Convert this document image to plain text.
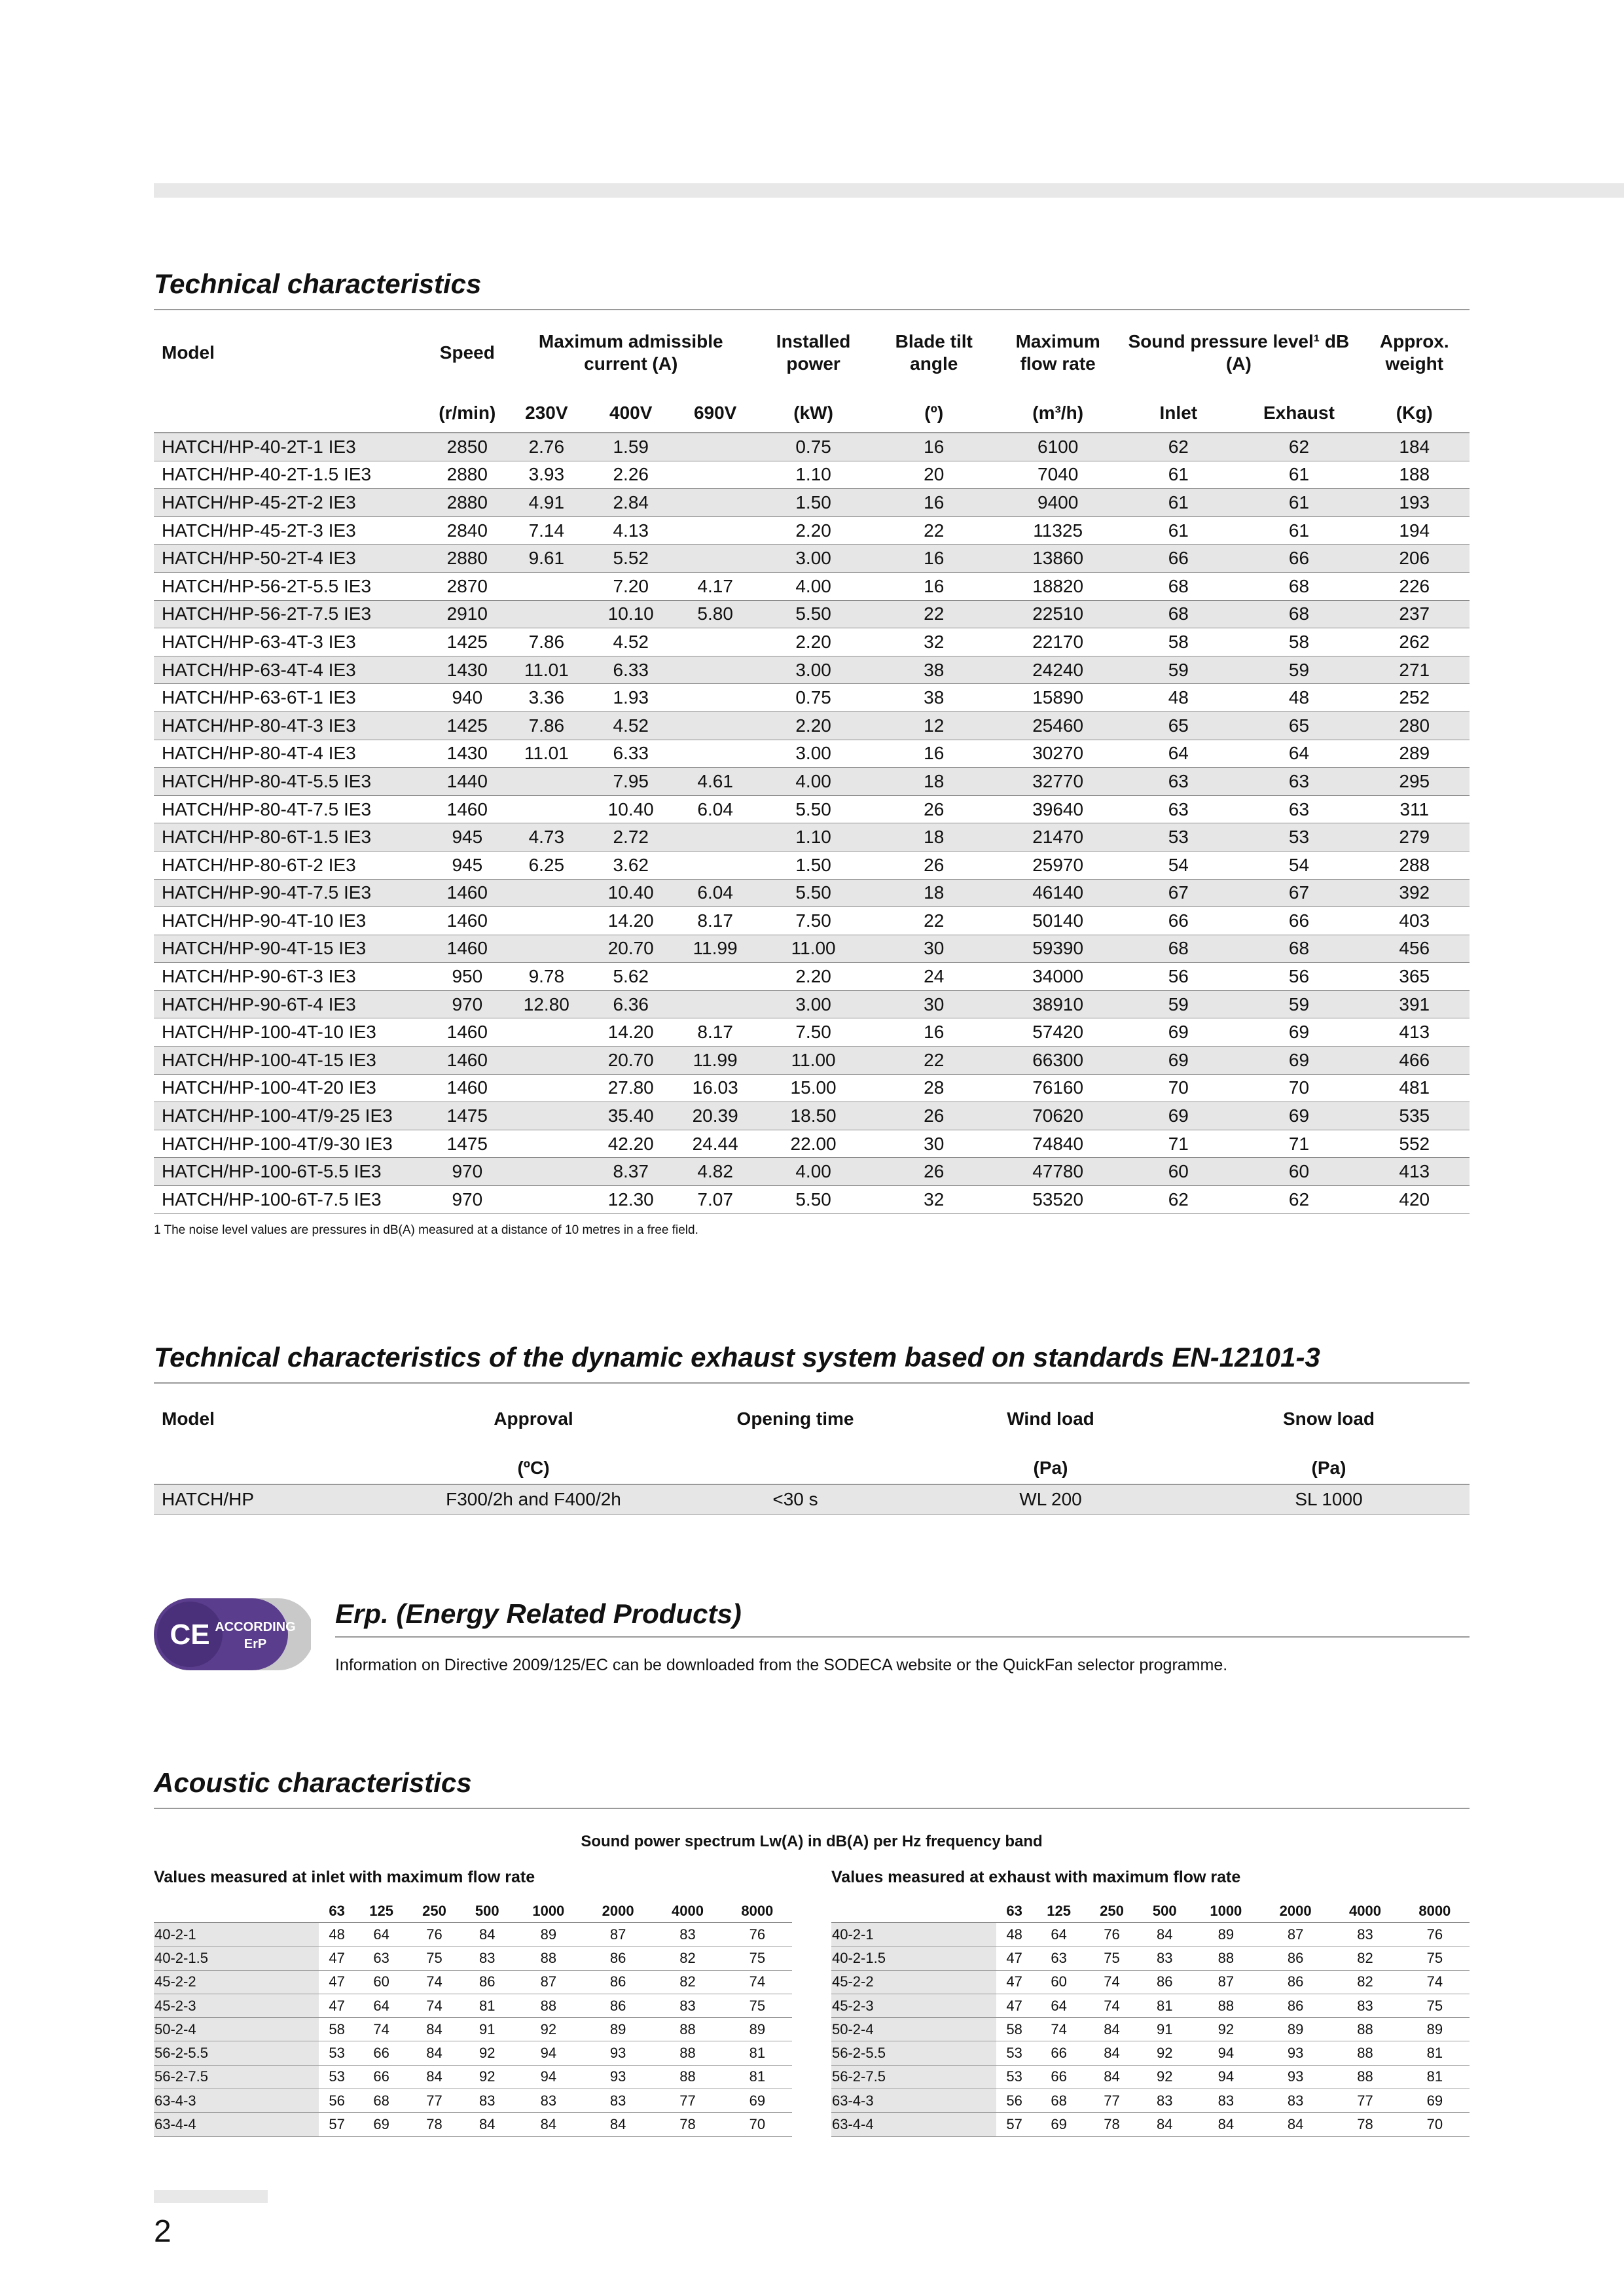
Technical characteristics
Model	Speed	Maximum admissible current (A)			Installed power	Blade tilt angle	Maximum flow rate	Sound pressure level¹ dB (A)		Approx. weight
	(r/min)	230V	400V	690V	(kW)	(º)	(m³/h)	Inlet	Exhaust	(Kg)
HATCH/HP-40-2T-1 IE3	2850	2.76	1.59		0.75	16	6100	62	62	184
HATCH/HP-40-2T-1.5 IE3	2880	3.93	2.26		1.10	20	7040	61	61	188
HATCH/HP-45-2T-2 IE3	2880	4.91	2.84		1.50	16	9400	61	61	193
HATCH/HP-45-2T-3 IE3	2840	7.14	4.13		2.20	22	11325	61	61	194
HATCH/HP-50-2T-4 IE3	2880	9.61	5.52		3.00	16	13860	66	66	206
HATCH/HP-56-2T-5.5 IE3	2870		7.20	4.17	4.00	16	18820	68	68	226
HATCH/HP-56-2T-7.5 IE3	2910		10.10	5.80	5.50	22	22510	68	68	237
HATCH/HP-63-4T-3 IE3	1425	7.86	4.52		2.20	32	22170	58	58	262
HATCH/HP-63-4T-4 IE3	1430	11.01	6.33		3.00	38	24240	59	59	271
HATCH/HP-63-6T-1 IE3	940	3.36	1.93		0.75	38	15890	48	48	252
HATCH/HP-80-4T-3 IE3	1425	7.86	4.52		2.20	12	25460	65	65	280
HATCH/HP-80-4T-4 IE3	1430	11.01	6.33		3.00	16	30270	64	64	289
HATCH/HP-80-4T-5.5 IE3	1440		7.95	4.61	4.00	18	32770	63	63	295
HATCH/HP-80-4T-7.5 IE3	1460		10.40	6.04	5.50	26	39640	63	63	311
HATCH/HP-80-6T-1.5 IE3	945	4.73	2.72		1.10	18	21470	53	53	279
HATCH/HP-80-6T-2 IE3	945	6.25	3.62		1.50	26	25970	54	54	288
HATCH/HP-90-4T-7.5 IE3	1460		10.40	6.04	5.50	18	46140	67	67	392
HATCH/HP-90-4T-10 IE3	1460		14.20	8.17	7.50	22	50140	66	66	403
HATCH/HP-90-4T-15 IE3	1460		20.70	11.99	11.00	30	59390	68	68	456
HATCH/HP-90-6T-3 IE3	950	9.78	5.62		2.20	24	34000	56	56	365
HATCH/HP-90-6T-4 IE3	970	12.80	6.36		3.00	30	38910	59	59	391
HATCH/HP-100-4T-10 IE3	1460		14.20	8.17	7.50	16	57420	69	69	413
HATCH/HP-100-4T-15 IE3	1460		20.70	11.99	11.00	22	66300	69	69	466
HATCH/HP-100-4T-20 IE3	1460		27.80	16.03	15.00	28	76160	70	70	481
HATCH/HP-100-4T/9-25 IE3	1475		35.40	20.39	18.50	26	70620	69	69	535
HATCH/HP-100-4T/9-30 IE3	1475		42.20	24.44	22.00	30	74840	71	71	552
HATCH/HP-100-6T-5.5 IE3	970		8.37	4.82	4.00	26	47780	60	60	413
HATCH/HP-100-6T-7.5 IE3	970		12.30	7.07	5.50	32	53520	62	62	420
1 The noise level values are pressures in dB(A) measured at a distance of 10 metres in a free field.
Technical characteristics of the dynamic exhaust system based on standards EN-12101-3
Model	Approval	Opening time	Wind load	Snow load
	(ºC)		(Pa)	(Pa)
HATCH/HP	F300/2h and F400/2h	<30 s	WL 200	SL 1000
CE ACCORDING
ErP
Erp. (Energy Related Products)

Information on Directive 2009/125/EC can be downloaded from the SODECA website or the QuickFan selector programme.

Acoustic characteristics
Sound power spectrum Lw(A) in dB(A) per Hz frequency band
Values measured at inlet with maximum flow rate
	63	125	250	500	1000	2000	4000	8000
40-2-1	48	64	76	84	89	87	83	76
40-2-1.5	47	63	75	83	88	86	82	75
45-2-2	47	60	74	86	87	86	82	74
45-2-3	47	64	74	81	88	86	83	75
50-2-4	58	74	84	91	92	89	88	89
56-2-5.5	53	66	84	92	94	93	88	81
56-2-7.5	53	66	84	92	94	93	88	81
63-4-3	56	68	77	83	83	83	77	69
63-4-4	57	69	78	84	84	84	78	70
Values measured at exhaust with maximum flow rate
	63	125	250	500	1000	2000	4000	8000
40-2-1	48	64	76	84	89	87	83	76
40-2-1.5	47	63	75	83	88	86	82	75
45-2-2	47	60	74	86	87	86	82	74
45-2-3	47	64	74	81	88	86	83	75
50-2-4	58	74	84	91	92	89	88	89
56-2-5.5	53	66	84	92	94	93	88	81
56-2-7.5	53	66	84	92	94	93	88	81
63-4-3	56	68	77	83	83	83	77	69
63-4-4	57	69	78	84	84	84	78	70
2
